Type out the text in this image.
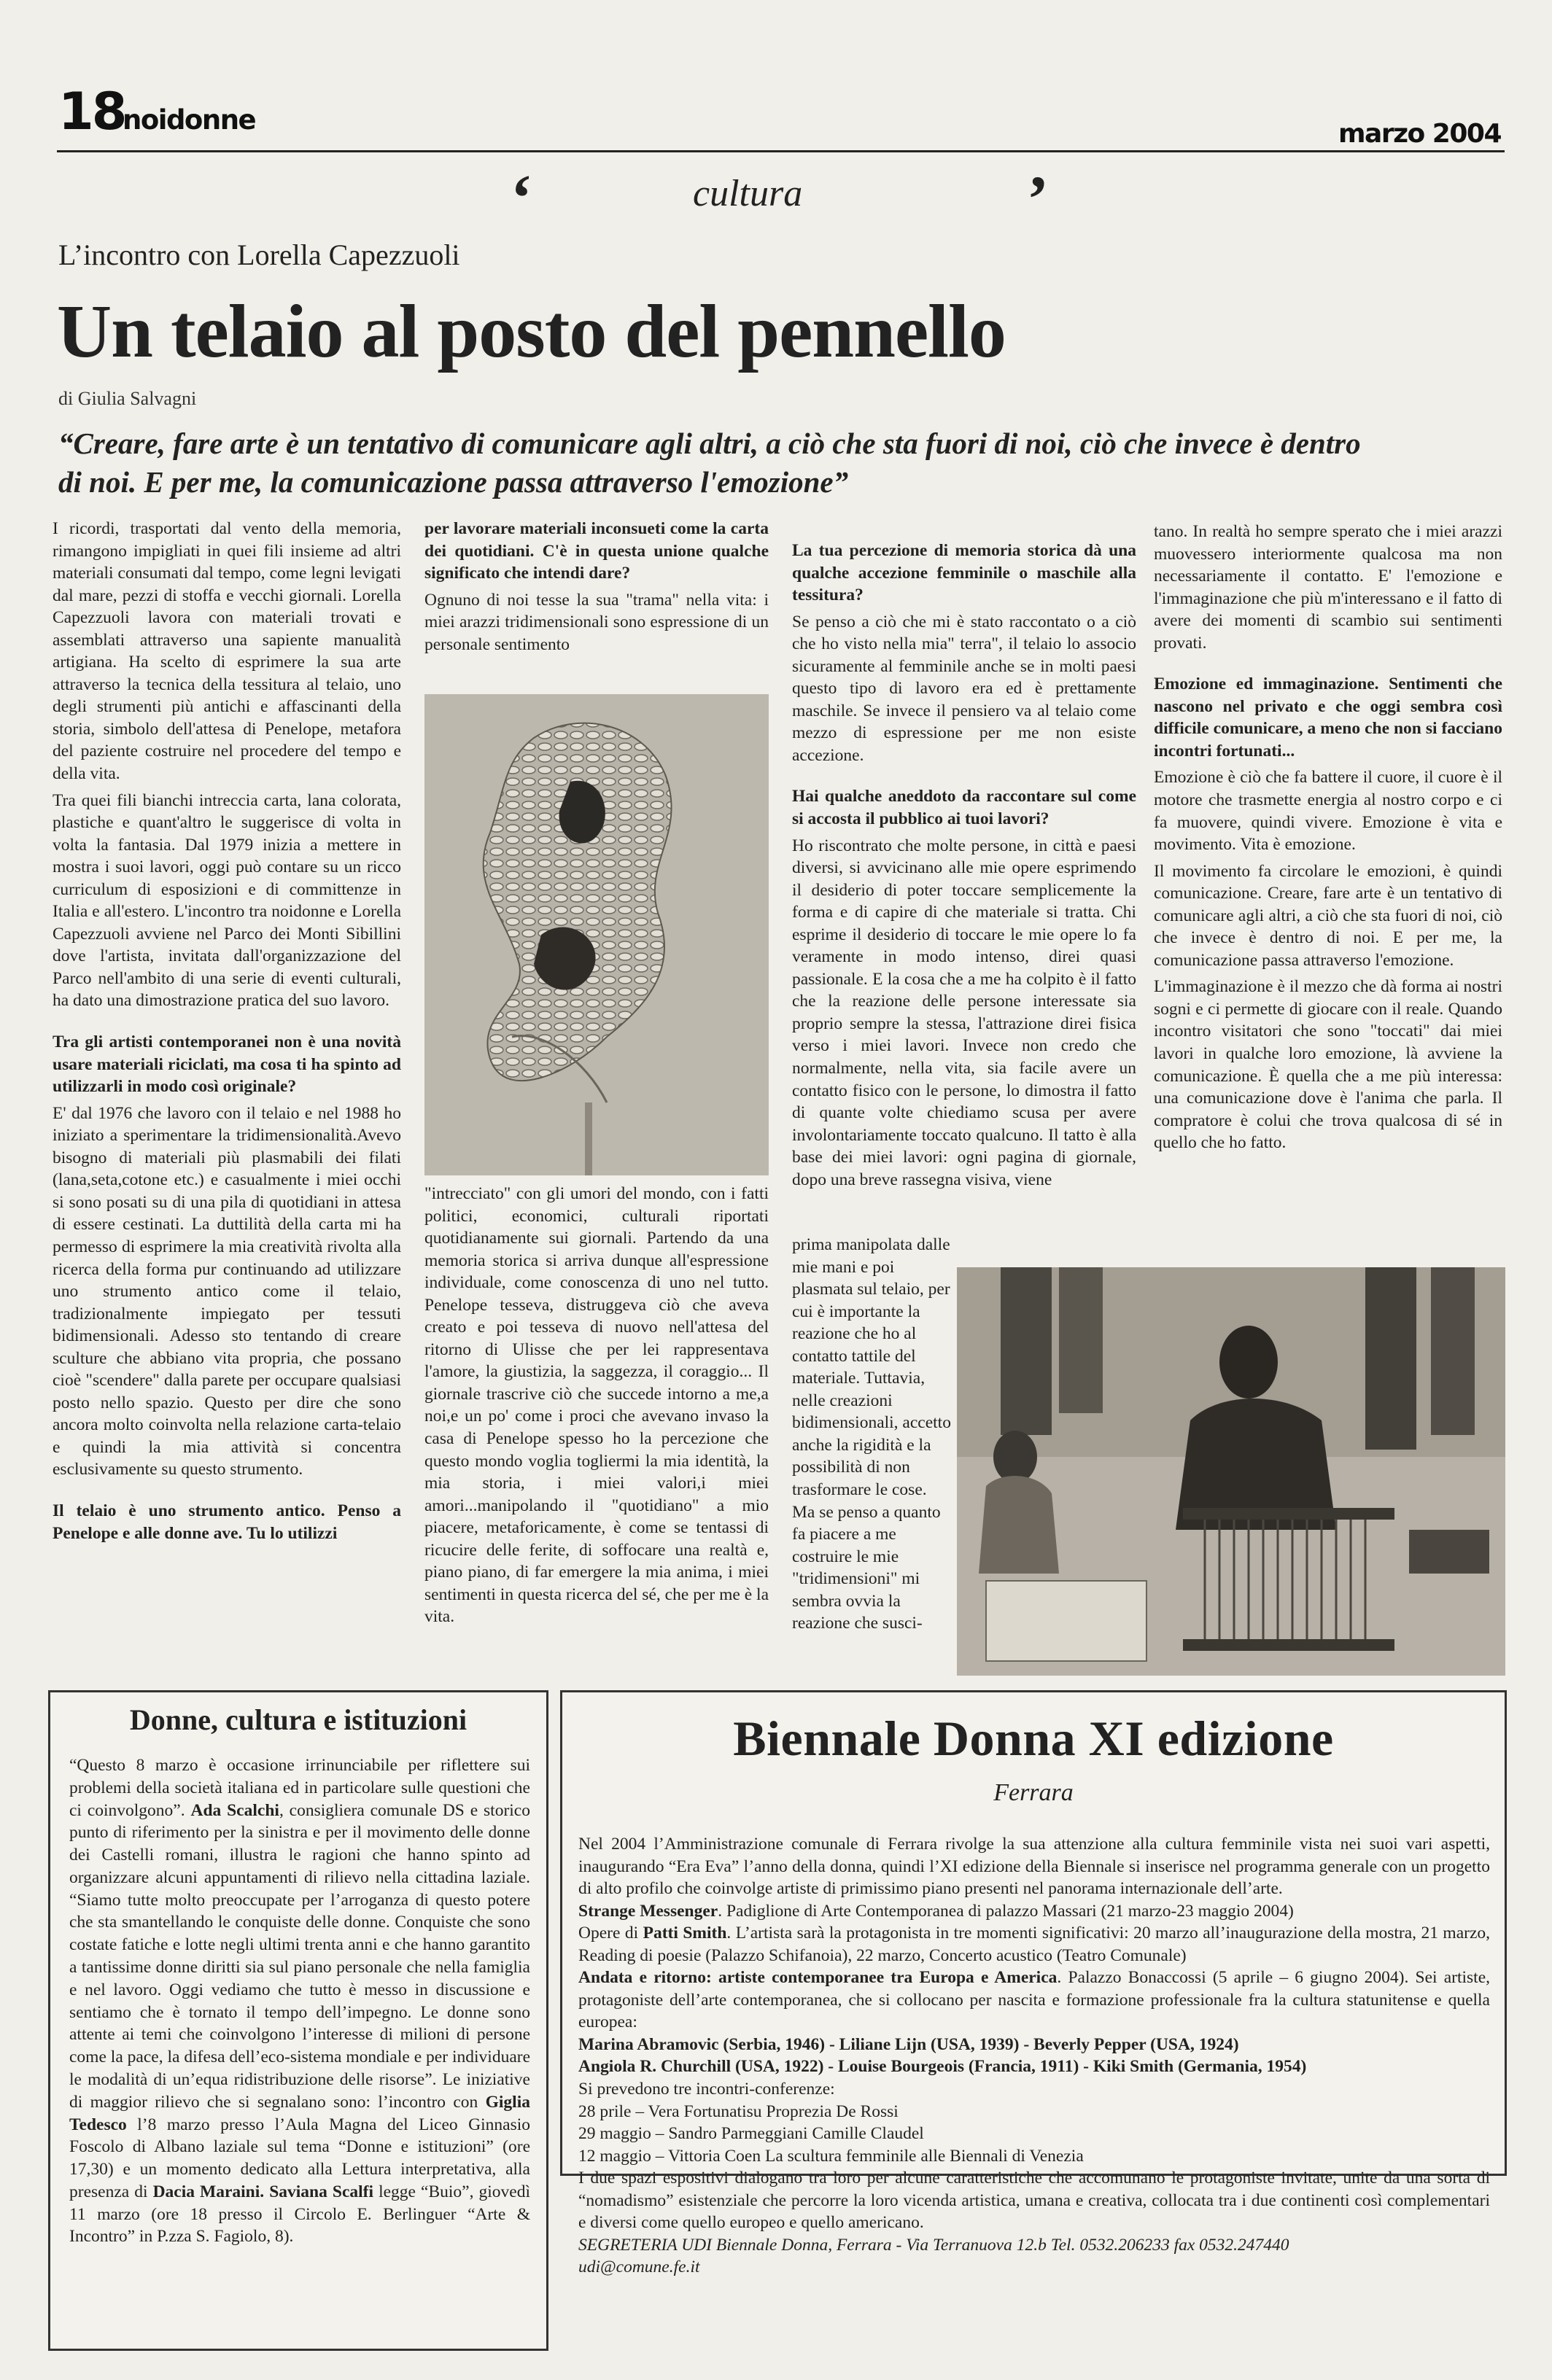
18
noidonne	marzo 2004
‘	cultura	’
L’incontro con Lorella Capezzuoli
Un telaio al posto del pennello
di Giulia Salvagni
“Creare, fare arte è un tentativo di comunicare agli altri, a ciò che sta fuori di noi, ciò che invece è dentro di noi. E per me, la comunicazione passa attraverso l'emozione”

I ricordi, trasportati dal vento della memoria, rimangono impigliati in quei fili insieme ad altri materiali consumati dal tempo, come legni levigati dal mare, pezzi di stoffa e vecchi giornali. Lorella Capezzuoli lavora con materiali trovati e assemblati attraverso una sapiente manualità artigiana. Ha scelto di esprimere la sua arte attraverso la tecnica della tessitura al telaio, uno degli strumenti più antichi e affascinanti della storia, simbolo dell'attesa di Penelope, metafora del paziente costruire nel procedere del tempo e della vita.

Tra quei fili bianchi intreccia carta, lana colorata, plastiche e quant'altro le suggerisce di volta in volta la fantasia. Dal 1979 inizia a mettere in mostra i suoi lavori, oggi può contare su un ricco curriculum di esposizioni e di committenze in Italia e all'estero. L'incontro tra noidonne e Lorella Capezzuoli avviene nel Parco dei Monti Sibillini dove l'artista, invitata dall'organizzazione del Parco nell'ambito di una serie di eventi culturali, ha dato una dimostrazione pratica del suo lavoro.

Tra gli artisti contemporanei non è una novità usare materiali riciclati, ma cosa ti ha spinto ad utilizzarli in modo così originale?

E' dal 1976 che lavoro con il telaio e nel 1988 ho iniziato a sperimentare la tridimensionalità.Avevo bisogno di materiali più plasmabili dei filati (lana,seta,cotone etc.) e casualmente i miei occhi si sono posati su di una pila di quotidiani in attesa di essere cestinati. La duttilità della carta mi ha permesso di esprimere la mia creatività rivolta alla ricerca della forma pur continuando ad utilizzare uno strumento antico come il telaio, tradizionalmente impiegato per tessuti bidimensionali. Adesso sto tentando di creare sculture che abbiano vita propria, che possano cioè "scendere" dalla parete per occupare qualsiasi posto nello spazio. Questo per dire che sono ancora molto coinvolta nella relazione carta-telaio e quindi la mia attività si concentra esclusivamente su questo strumento.

Il telaio è uno strumento antico. Penso a Penelope e alle donne ave. Tu lo utilizzi

per lavorare materiali inconsueti come la carta dei quotidiani. C'è in questa unione qualche significato che intendi dare?

Ognuno di noi tesse la sua "trama" nella vita: i miei arazzi tridimensionali sono espressione di un personale sentimento

"intrecciato" con gli umori del mondo, con i fatti politici, economici, culturali riportati quotidianamente sui giornali. Partendo da una memoria storica si arriva dunque all'espressione individuale, come conoscenza di uno nel tutto. Penelope tesseva, distruggeva ciò che aveva creato e poi tesseva di nuovo nell'attesa del ritorno di Ulisse che per lei rappresentava l'amore, la giustizia, la saggezza, il coraggio... Il giornale trascrive ciò che succede intorno a me,a noi,e un po' come i proci che avevano invaso la casa di Penelope spesso ho la percezione che questo mondo voglia togliermi la mia identità, la mia storia, i miei valori,i miei amori...manipolando il "quotidiano" a mio piacere, metaforicamente, è come se tentassi di ricucire delle ferite, di soffocare una realtà e, piano piano, di far emergere la mia anima, i miei sentimenti in questa ricerca del sé, che per me è la vita.

La tua percezione di memoria storica dà una qualche accezione femminile o maschile alla tessitura?

Se penso a ciò che mi è stato raccontato o a ciò che ho visto nella mia" terra", il telaio lo associo sicuramente al femminile anche se in molti paesi questo tipo di lavoro era ed è prettamente maschile. Se invece il pensiero va al telaio come mezzo di espressione per me non esiste accezione.

Hai qualche aneddoto da raccontare sul come si accosta il pubblico ai tuoi lavori?

Ho riscontrato che molte persone, in città e paesi diversi, si avvicinano alle mie opere esprimendo il desiderio di poter toccare semplicemente la forma e di capire di che materiale si tratta. Chi esprime il desiderio di toccare le mie opere lo fa veramente in modo intenso, direi quasi passionale. E la cosa che a me ha colpito è il fatto che la reazione delle persone interessate sia proprio sempre la stessa, l'attrazione direi fisica verso i miei lavori. Invece non credo che normalmente, nella vita, sia facile avere un contatto fisico con le persone, lo dimostra il fatto di quante volte chiediamo scusa per avere involontariamente toccato qualcuno. Il tatto è alla base dei miei lavori: ogni pagina di giornale, dopo una breve rassegna visiva, viene

prima manipolata dalle mie mani e poi plasmata sul telaio, per cui è importante la reazione che ho al contatto tattile del materiale. Tuttavia, nelle creazioni bidimensionali, accetto anche la rigidità e la possibilità di non trasformare le cose. Ma se penso a quanto fa piacere a me costruire le mie "tridimensioni" mi sembra ovvia la reazione che susci-

tano. In realtà ho sempre sperato che i miei arazzi muovessero interiormente qualcosa ma non necessariamente il contatto. E' l'emozione e l'immaginazione che più m'interessano e il fatto di avere dei momenti di scambio sui sentimenti provati.

Emozione ed immaginazione. Sentimenti che nascono nel privato e che oggi sembra così difficile comunicare, a meno che non si facciano incontri fortunati...

Emozione è ciò che fa battere il cuore, il cuore è il motore che trasmette energia al nostro corpo e ci fa muovere, quindi vivere. Emozione è vita e movimento. Vita è emozione.

Il movimento fa circolare le emozioni, è quindi comunicazione. Creare, fare arte è un tentativo di comunicare agli altri, a ciò che sta fuori di noi, ciò che invece è dentro di noi. E per me, la comunicazione passa attraverso l'emozione.

L'immaginazione è il mezzo che dà forma ai nostri sogni e ci permette di giocare con il reale. Quando incontro visitatori che sono "toccati" dai miei lavori in qualche loro emozione, là avviene la comunicazione. È quella che a me più interessa: una comunicazione dove è l'anima che parla. Il compratore è colui che trova qualcosa di sé in quello che ho fatto.

Donne, cultura e istituzioni
“Questo 8 marzo è occasione irrinunciabile per riflettere sui problemi della società italiana ed in particolare sulle questioni che ci coinvolgono”. Ada Scalchi, consigliera comunale DS e storico punto di riferimento per la sinistra e per il movimento delle donne dei Castelli romani, illustra le ragioni che hanno spinto ad organizzare alcuni appuntamenti di rilievo nella cittadina laziale. “Siamo tutte molto preoccupate per l’arroganza di questo potere che sta smantellando le conquiste delle donne. Conquiste che sono costate fatiche e lotte negli ultimi trenta anni e che hanno garantito a tantissime donne diritti sia sul piano personale che nella famiglia e nel lavoro. Oggi vediamo che tutto è messo in discussione e sentiamo che è tornato il tempo dell’impegno. Le donne sono attente ai temi che coinvolgono l’interesse di milioni di persone come la pace, la difesa dell’eco-sistema mondiale e per individuare le modalità di un’equa ridistribuzione delle risorse”. Le iniziative di maggior rilievo che si segnalano sono: l’incontro con Giglia Tedesco l’8 marzo presso l’Aula Magna del Liceo Ginnasio Foscolo di Albano laziale sul tema “Donne e istituzioni” (ore 17,30) e un momento dedicato alla Lettura interpretativa, alla presenza di Dacia Maraini. Saviana Scalfi legge “Buio”, giovedì 11 marzo (ore 18 presso il Circolo E. Berlinguer “Arte & Incontro” in P.zza S. Fagiolo, 8).
Biennale Donna XI edizione
Ferrara

Nel 2004 l’Amministrazione comunale di Ferrara rivolge la sua attenzione alla cultura femminile vista nei suoi vari aspetti, inaugurando “Era Eva” l’anno della donna, quindi l’XI edizione della Biennale si inserisce nel programma generale con un progetto di alto profilo che coinvolge artiste di primissimo piano presenti nel panorama internazionale dell’arte.

Strange Messenger. Padiglione di Arte Contemporanea di palazzo Massari (21 marzo-23 maggio 2004)

Opere di Patti Smith. L’artista sarà la protagonista in tre momenti significativi: 20 marzo all’inaugurazione della mostra, 21 marzo, Reading di poesie (Palazzo Schifanoia), 22 marzo, Concerto acustico (Teatro Comunale)

Andata e ritorno: artiste contemporanee tra Europa e America. Palazzo Bonaccossi (5 aprile – 6 giugno 2004). Sei artiste, protagoniste dell’arte contemporanea, che si collocano per nascita e formazione professionale fra la cultura statunitense e quella europea:

Marina Abramovic (Serbia, 1946) - Liliane Lijn (USA, 1939) - Beverly Pepper (USA, 1924)

Angiola R. Churchill (USA, 1922) - Louise Bourgeois (Francia, 1911) - Kiki Smith (Germania, 1954)

Si prevedono tre incontri-conferenze:

28 prile – Vera Fortunatisu Proprezia De Rossi

29 maggio – Sandro Parmeggiani Camille Claudel

12 maggio – Vittoria Coen La scultura femminile alle Biennali di Venezia

I due spazi espositivi dialogano tra loro per alcune caratteristiche che accomunano le protagoniste invitate, unite da una sorta di “nomadismo” esistenziale che percorre la loro vicenda artistica, umana e creativa, collocata tra i due continenti così complementari e diversi come quello europeo e quello americano.

SEGRETERIA UDI Biennale Donna, Ferrara - Via Terranuova 12.b Tel. 0532.206233 fax 0532.247440

udi@comune.fe.it
